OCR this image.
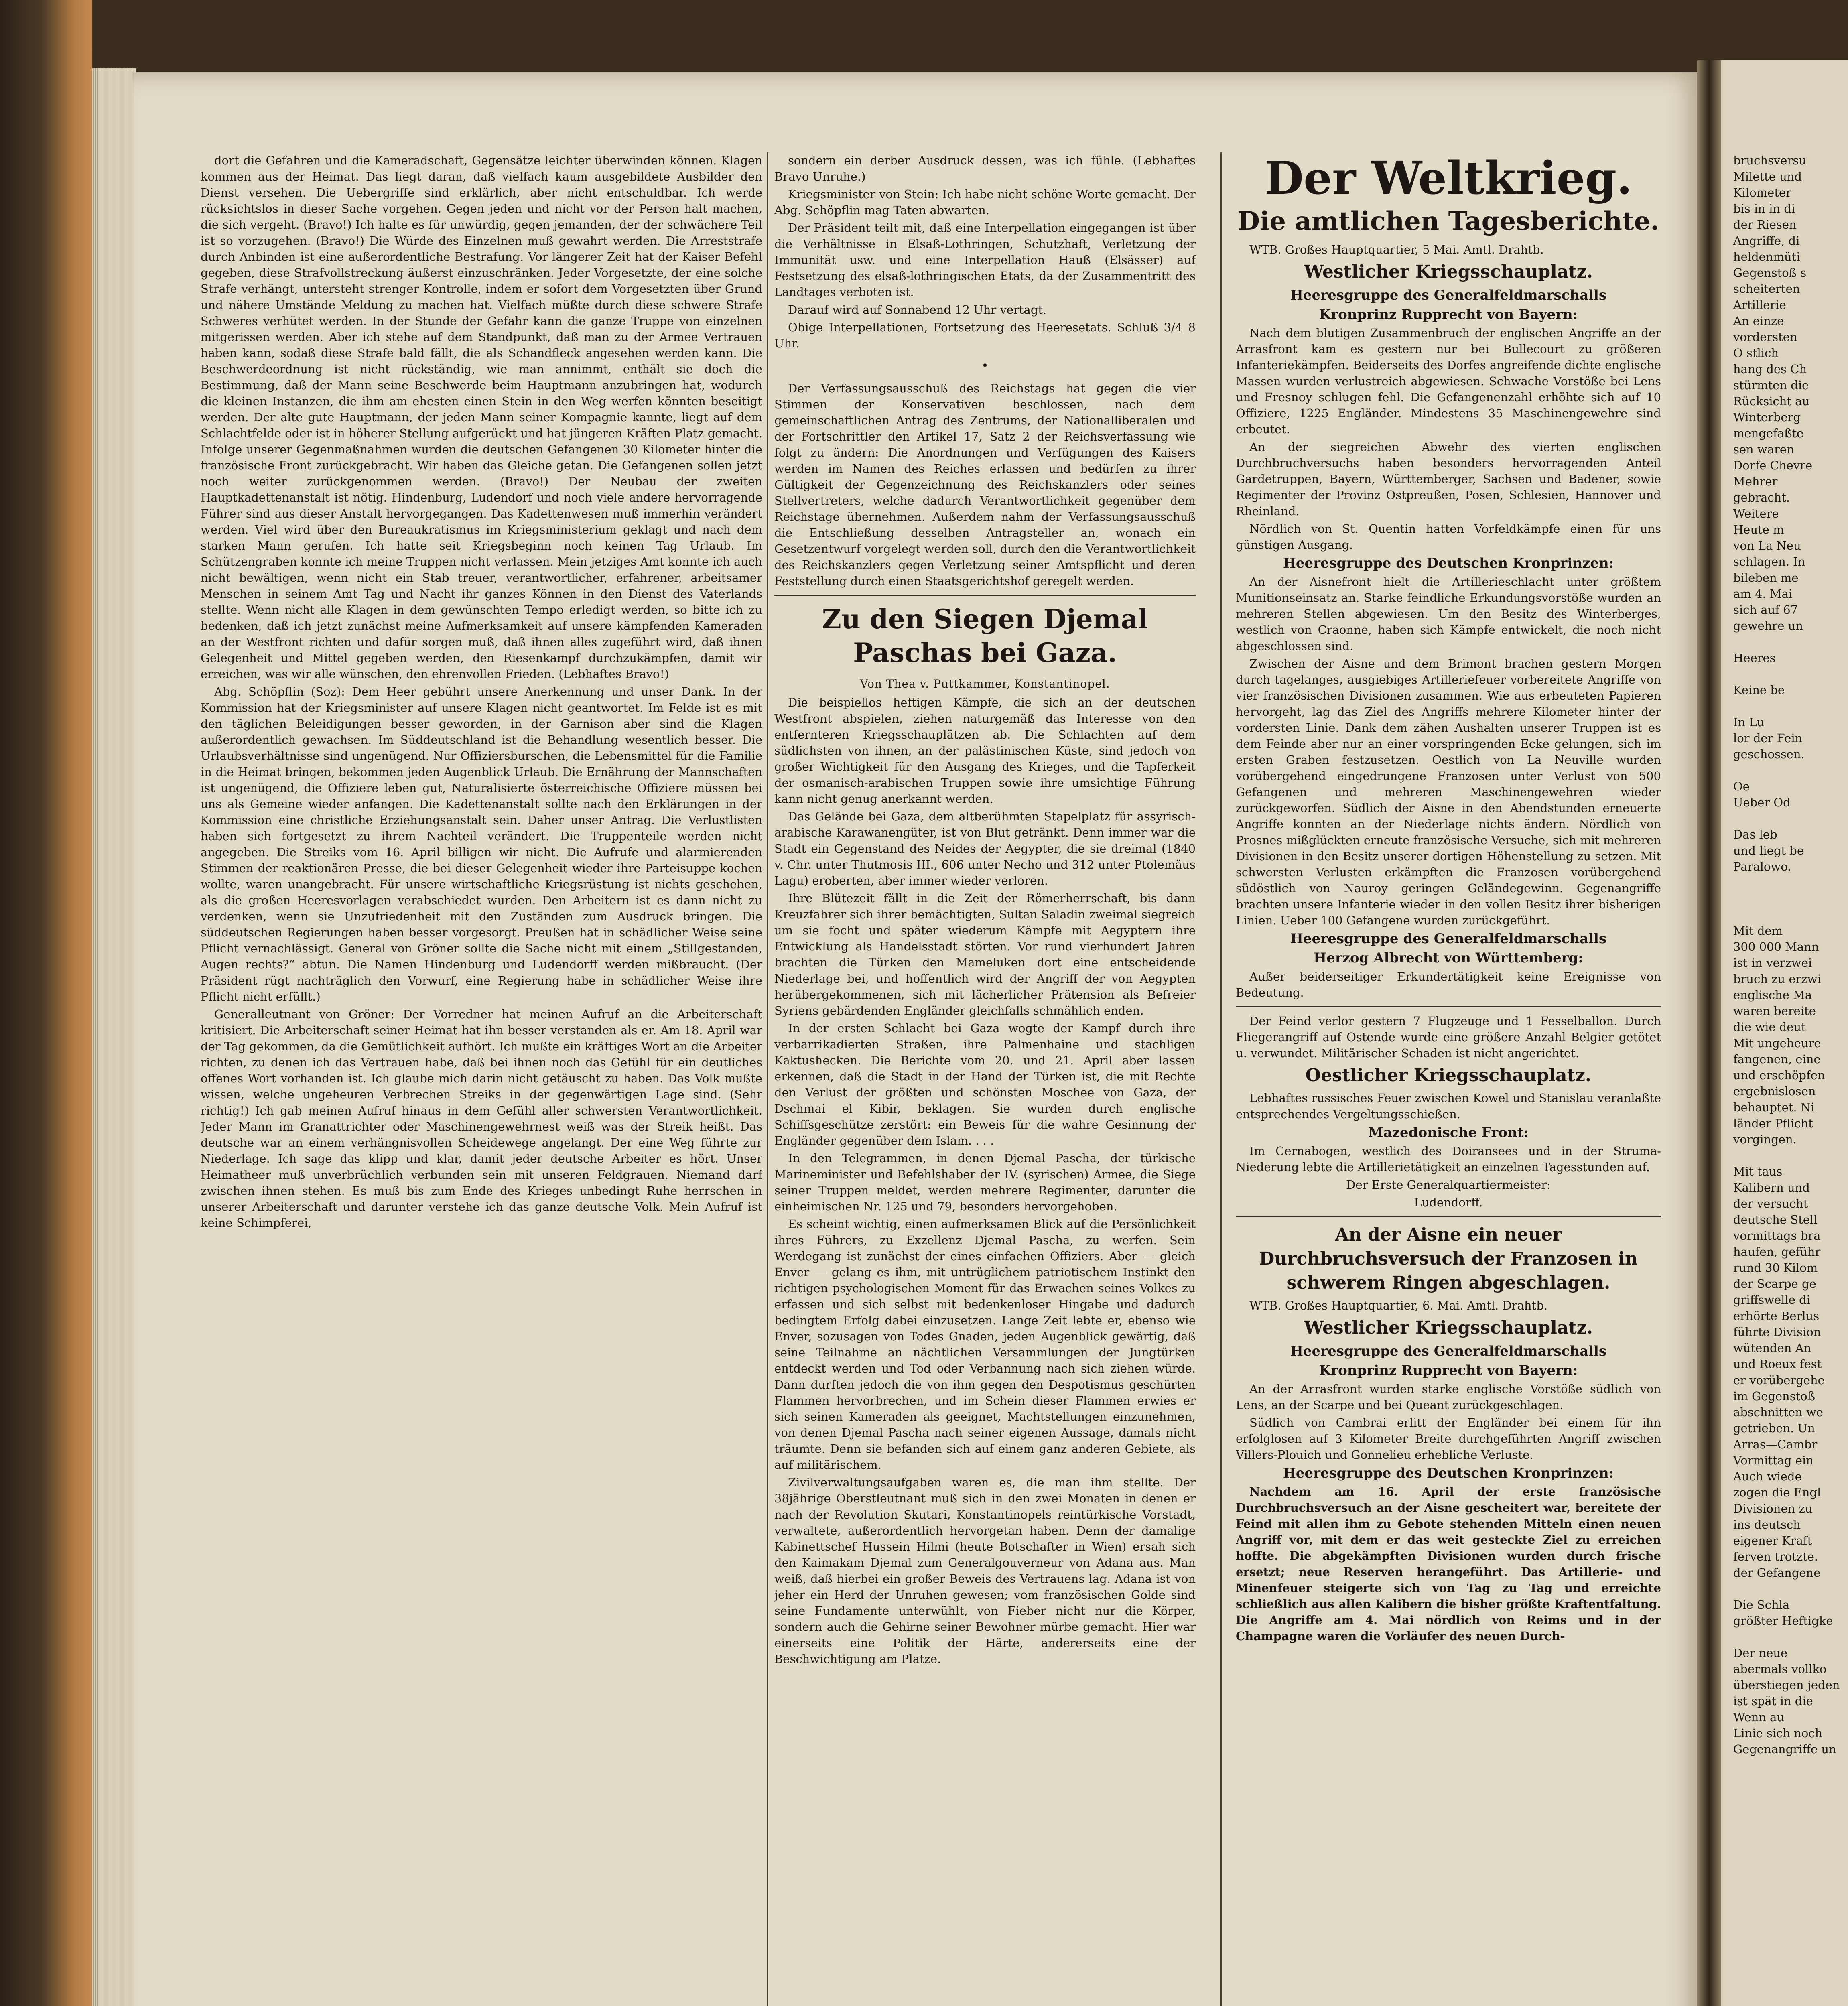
dort die Gefahren und die Kameradschaft, Gegensätze leichter überwinden können. Klagen kommen aus der Heimat. Das liegt daran, daß vielfach kaum ausgebildete Ausbilder den Dienst versehen. Die Uebergriffe sind erklärlich, aber nicht entschuldbar. Ich werde rücksichtslos in dieser Sache vorgehen. Gegen jeden und nicht vor der Person halt machen, die sich vergeht. (Bravo!) Ich halte es für unwürdig, gegen jemanden, der der schwächere Teil ist so vorzugehen. (Bravo!) Die Würde des Einzelnen muß gewahrt werden. Die Arreststrafe durch Anbinden ist eine außerordentliche Bestrafung. Vor längerer Zeit hat der Kaiser Befehl gegeben, diese Strafvollstreckung äußerst einzuschränken. Jeder Vorgesetzte, der eine solche Strafe verhängt, untersteht strenger Kontrolle, indem er sofort dem Vorgesetzten über Grund und nähere Umstände Meldung zu machen hat. Vielfach müßte durch diese schwere Strafe Schweres verhütet werden. In der Stunde der Gefahr kann die ganze Truppe von einzelnen mitgerissen werden. Aber ich stehe auf dem Standpunkt, daß man zu der Armee Vertrauen haben kann, sodaß diese Strafe bald fällt, die als Schandfleck angesehen werden kann. Die Beschwerdeordnung ist nicht rückständig, wie man annimmt, enthält sie doch die Bestimmung, daß der Mann seine Beschwerde beim Hauptmann anzubringen hat, wodurch die kleinen Instanzen, die ihm am ehesten einen Stein in den Weg werfen könnten beseitigt werden. Der alte gute Hauptmann, der jeden Mann seiner Kompagnie kannte, liegt auf dem Schlachtfelde oder ist in höherer Stellung aufgerückt und hat jüngeren Kräften Platz gemacht. Infolge unserer Gegenmaßnahmen wurden die deutschen Gefangenen 30 Kilometer hinter die französische Front zurückgebracht. Wir haben das Gleiche getan. Die Gefangenen sollen jetzt noch weiter zurückgenommen werden. (Bravo!) Der Neubau der zweiten Hauptkadettenanstalt ist nötig. Hindenburg, Ludendorf und noch viele andere hervorragende Führer sind aus dieser Anstalt hervorgegangen. Das Kadettenwesen muß immerhin verändert werden. Viel wird über den Bureaukratismus im Kriegsministerium geklagt und nach dem starken Mann gerufen. Ich hatte seit Kriegsbeginn noch keinen Tag Urlaub. Im Schützengraben konnte ich meine Truppen nicht verlassen. Mein jetziges Amt konnte ich auch nicht bewältigen, wenn nicht ein Stab treuer, verantwortlicher, erfahrener, arbeitsamer Menschen in seinem Amt Tag und Nacht ihr ganzes Können in den Dienst des Vaterlands stellte. Wenn nicht alle Klagen in dem gewünschten Tempo erledigt werden, so bitte ich zu bedenken, daß ich jetzt zunächst meine Aufmerksamkeit auf unsere kämpfenden Kameraden an der Westfront richten und dafür sorgen muß, daß ihnen alles zugeführt wird, daß ihnen Gelegenheit und Mittel gegeben werden, den Riesenkampf durchzukämpfen, damit wir erreichen, was wir alle wünschen, den ehrenvollen Frieden. (Lebhaftes Bravo!)

Abg. Schöpflin (Soz): Dem Heer gebührt unsere Anerkennung und unser Dank. In der Kommission hat der Kriegsminister auf unsere Klagen nicht geantwortet. Im Felde ist es mit den täglichen Beleidigungen besser geworden, in der Garnison aber sind die Klagen außerordentlich gewachsen. Im Süddeutschland ist die Behandlung wesentlich besser. Die Urlaubsverhältnisse sind ungenügend. Nur Offiziersburschen, die Lebensmittel für die Familie in die Heimat bringen, bekommen jeden Augenblick Urlaub. Die Ernährung der Mannschaften ist ungenügend, die Offiziere leben gut, Naturalisierte österreichische Offiziere müssen bei uns als Gemeine wieder anfangen. Die Kadettenanstalt sollte nach den Erklärungen in der Kommission eine christliche Erziehungsanstalt sein. Daher unser Antrag. Die Verlustlisten haben sich fortgesetzt zu ihrem Nachteil verändert. Die Truppenteile werden nicht angegeben. Die Streiks vom 16. April billigen wir nicht. Die Aufrufe und alarmierenden Stimmen der reaktionären Presse, die bei dieser Gelegenheit wieder ihre Parteisuppe kochen wollte, waren unangebracht. Für unsere wirtschaftliche Kriegsrüstung ist nichts geschehen, als die großen Heeresvorlagen verabschiedet wurden. Den Arbeitern ist es dann nicht zu verdenken, wenn sie Unzufriedenheit mit den Zuständen zum Ausdruck bringen. Die süddeutschen Regierungen haben besser vorgesorgt. Preußen hat in schädlicher Weise seine Pflicht vernachlässigt. General von Gröner sollte die Sache nicht mit einem „Stillgestanden, Augen rechts?“ abtun. Die Namen Hindenburg und Ludendorff werden mißbraucht. (Der Präsident rügt nachträglich den Vorwurf, eine Regierung habe in schädlicher Weise ihre Pflicht nicht erfüllt.)

Generalleutnant von Gröner: Der Vorredner hat meinen Aufruf an die Arbeiterschaft kritisiert. Die Arbeiterschaft seiner Heimat hat ihn besser verstanden als er. Am 18. April war der Tag gekommen, da die Gemütlichkeit aufhört. Ich mußte ein kräftiges Wort an die Arbeiter richten, zu denen ich das Vertrauen habe, daß bei ihnen noch das Gefühl für ein deutliches offenes Wort vorhanden ist. Ich glaube mich darin nicht getäuscht zu haben. Das Volk mußte wissen, welche ungeheuren Verbrechen Streiks in der gegenwärtigen Lage sind. (Sehr richtig!) Ich gab meinen Aufruf hinaus in dem Gefühl aller schwersten Verantwortlichkeit. Jeder Mann im Granattrichter oder Maschinengewehrnest weiß was der Streik heißt. Das deutsche war an einem verhängnisvollen Scheidewege angelangt. Der eine Weg führte zur Niederlage. Ich sage das klipp und klar, damit jeder deutsche Arbeiter es hört. Unser Heimatheer muß unverbrüchlich verbunden sein mit unseren Feldgrauen. Niemand darf zwischen ihnen stehen. Es muß bis zum Ende des Krieges unbedingt Ruhe herrschen in unserer Arbeiterschaft und darunter verstehe ich das ganze deutsche Volk. Mein Aufruf ist keine Schimpferei,

sondern ein derber Ausdruck dessen, was ich fühle. (Lebhaftes Bravo Unruhe.)

Kriegsminister von Stein: Ich habe nicht schöne Worte gemacht. Der Abg. Schöpflin mag Taten abwarten.

Der Präsident teilt mit, daß eine Interpellation eingegangen ist über die Verhältnisse in Elsaß-Lothringen, Schutzhaft, Verletzung der Immunität usw. und eine Interpellation Hauß (Elsässer) auf Festsetzung des elsaß-lothringischen Etats, da der Zusammentritt des Landtages verboten ist.

Darauf wird auf Sonnabend 12 Uhr vertagt.

Obige Interpellationen, Fortsetzung des Heeresetats. Schluß 3/4 8 Uhr.

•

Der Verfassungsausschuß des Reichstags hat gegen die vier Stimmen der Konservativen beschlossen, nach dem gemeinschaftlichen Antrag des Zentrums, der Nationalliberalen und der Fortschrittler den Artikel 17, Satz 2 der Reichsverfassung wie folgt zu ändern: Die Anordnungen und Verfügungen des Kaisers werden im Namen des Reiches erlassen und bedürfen zu ihrer Gültigkeit der Gegenzeichnung des Reichskanzlers oder seines Stellvertreters, welche dadurch Verantwortlichkeit gegenüber dem Reichstage übernehmen. Außerdem nahm der Verfassungsausschuß die Entschließung desselben Antragsteller an, wonach ein Gesetzentwurf vorgelegt werden soll, durch den die Verantwortlichkeit des Reichskanzlers gegen Verletzung seiner Amtspflicht und deren Feststellung durch einen Staatsgerichtshof geregelt werden.

Zu den Siegen Djemal Paschas bei Gaza.
Von Thea v. Puttkammer, Konstantinopel.

Die beispiellos heftigen Kämpfe, die sich an der deutschen Westfront abspielen, ziehen naturgemäß das Interesse von den entfernteren Kriegsschauplätzen ab. Die Schlachten auf dem südlichsten von ihnen, an der palästinischen Küste, sind jedoch von großer Wichtigkeit für den Ausgang des Krieges, und die Tapferkeit der osmanisch-arabischen Truppen sowie ihre umsichtige Führung kann nicht genug anerkannt werden.

Das Gelände bei Gaza, dem altberühmten Stapelplatz für assyrisch-arabische Karawanengüter, ist von Blut getränkt. Denn immer war die Stadt ein Gegenstand des Neides der Aegypter, die sie dreimal (1840 v. Chr. unter Thutmosis III., 606 unter Necho und 312 unter Ptolemäus Lagu) eroberten, aber immer wieder verloren.

Ihre Blütezeit fällt in die Zeit der Römerherrschaft, bis dann Kreuzfahrer sich ihrer bemächtigten, Sultan Saladin zweimal siegreich um sie focht und später wiederum Kämpfe mit Aegyptern ihre Entwicklung als Handelsstadt störten. Vor rund vierhundert Jahren brachten die Türken den Mameluken dort eine entscheidende Niederlage bei, und hoffentlich wird der Angriff der von Aegypten herübergekommenen, sich mit lächerlicher Prätension als Befreier Syriens gebärdenden Engländer gleichfalls schmählich enden.

In der ersten Schlacht bei Gaza wogte der Kampf durch ihre verbarrikadierten Straßen, ihre Palmenhaine und stachligen Kaktushecken. Die Berichte vom 20. und 21. April aber lassen erkennen, daß die Stadt in der Hand der Türken ist, die mit Rechte den Verlust der größten und schönsten Moschee von Gaza, der Dschmai el Kibir, beklagen. Sie wurden durch englische Schiffsgeschütze zerstört: ein Beweis für die wahre Gesinnung der Engländer gegenüber dem Islam. . . .

In den Telegrammen, in denen Djemal Pascha, der türkische Marineminister und Befehlshaber der IV. (syrischen) Armee, die Siege seiner Truppen meldet, werden mehrere Regimenter, darunter die einheimischen Nr. 125 und 79, besonders hervorgehoben.

Es scheint wichtig, einen aufmerksamen Blick auf die Persönlichkeit ihres Führers, zu Exzellenz Djemal Pascha, zu werfen. Sein Werdegang ist zunächst der eines einfachen Offiziers. Aber — gleich Enver — gelang es ihm, mit untrüglichem patriotischem Instinkt den richtigen psychologischen Moment für das Erwachen seines Volkes zu erfassen und sich selbst mit bedenkenloser Hingabe und dadurch bedingtem Erfolg dabei einzusetzen. Lange Zeit lebte er, ebenso wie Enver, sozusagen von Todes Gnaden, jeden Augenblick gewärtig, daß seine Teilnahme an nächtlichen Versammlungen der Jungtürken entdeckt werden und Tod oder Verbannung nach sich ziehen würde. Dann durften jedoch die von ihm gegen den Despotismus geschürten Flammen hervorbrechen, und im Schein dieser Flammen erwies er sich seinen Kameraden als geeignet, Machtstellungen einzunehmen, von denen Djemal Pascha nach seiner eigenen Aussage, damals nicht träumte. Denn sie befanden sich auf einem ganz anderen Gebiete, als auf militärischem.

Zivilverwaltungsaufgaben waren es, die man ihm stellte. Der 38jährige Oberstleutnant muß sich in den zwei Monaten in denen er nach der Revolution Skutari, Konstantinopels reintürkische Vorstadt, verwaltete, außerordentlich hervorgetan haben. Denn der damalige Kabinettschef Hussein Hilmi (heute Botschafter in Wien) ersah sich den Kaimakam Djemal zum Generalgouverneur von Adana aus. Man weiß, daß hierbei ein großer Beweis des Vertrauens lag. Adana ist von jeher ein Herd der Unruhen gewesen; vom französischen Golde sind seine Fundamente unterwühlt, von Fieber nicht nur die Körper, sondern auch die Gehirne seiner Bewohner mürbe gemacht. Hier war einerseits eine Politik der Härte, andererseits eine der Beschwichtigung am Platze.

Der Weltkrieg.
Die amtlichen Tagesberichte.

WTB. Großes Hauptquartier, 5 Mai. Amtl. Drahtb.

Westlicher Kriegsschauplatz.
Heeresgruppe des Generalfeldmarschalls
Kronprinz Rupprecht von Bayern:

Nach dem blutigen Zusammenbruch der englischen Angriffe an der Arrasfront kam es gestern nur bei Bullecourt zu größeren Infanteriekämpfen. Beiderseits des Dorfes angreifende dichte englische Massen wurden verlustreich abgewiesen. Schwache Vorstöße bei Lens und Fresnoy schlugen fehl. Die Gefangenenzahl erhöhte sich auf 10 Offiziere, 1225 Engländer. Mindestens 35 Maschinengewehre sind erbeutet.

An der siegreichen Abwehr des vierten englischen Durchbruchversuchs haben besonders hervorragenden Anteil Gardetruppen, Bayern, Württemberger, Sachsen und Badener, sowie Regimenter der Provinz Ostpreußen, Posen, Schlesien, Hannover und Rheinland.

Nördlich von St. Quentin hatten Vorfeldkämpfe einen für uns günstigen Ausgang.

Heeresgruppe des Deutschen Kronprinzen:

An der Aisnefront hielt die Artillerieschlacht unter größtem Munitionseinsatz an. Starke feindliche Erkundungsvorstöße wurden an mehreren Stellen abgewiesen. Um den Besitz des Winterberges, westlich von Craonne, haben sich Kämpfe entwickelt, die noch nicht abgeschlossen sind.

Zwischen der Aisne und dem Brimont brachen gestern Morgen durch tagelanges, ausgiebiges Artilleriefeuer vorbereitete Angriffe von vier französischen Divisionen zusammen. Wie aus erbeuteten Papieren hervorgeht, lag das Ziel des Angriffs mehrere Kilometer hinter der vordersten Linie. Dank dem zähen Aushalten unserer Truppen ist es dem Feinde aber nur an einer vorspringenden Ecke gelungen, sich im ersten Graben festzusetzen. Oestlich von La Neuville wurden vorübergehend eingedrungene Franzosen unter Verlust von 500 Gefangenen und mehreren Maschinengewehren wieder zurückgeworfen. Südlich der Aisne in den Abendstunden erneuerte Angriffe konnten an der Niederlage nichts ändern. Nördlich von Prosnes mißglückten erneute französische Versuche, sich mit mehreren Divisionen in den Besitz unserer dortigen Höhenstellung zu setzen. Mit schwersten Verlusten erkämpften die Franzosen vorübergehend südöstlich von Nauroy geringen Geländegewinn. Gegenangriffe brachten unsere Infanterie wieder in den vollen Besitz ihrer bisherigen Linien. Ueber 100 Gefangene wurden zurückgeführt.

Heeresgruppe des Generalfeldmarschalls
Herzog Albrecht von Württemberg:

Außer beiderseitiger Erkundertätigkeit keine Ereignisse von Bedeutung.

Der Feind verlor gestern 7 Flugzeuge und 1 Fesselballon. Durch Fliegerangriff auf Ostende wurde eine größere Anzahl Belgier getötet u. verwundet. Militärischer Schaden ist nicht angerichtet.

Oestlicher Kriegsschauplatz.

Lebhaftes russisches Feuer zwischen Kowel und Stanislau veranlaßte entsprechendes Vergeltungsschießen.

Mazedonische Front:

Im Cernabogen, westlich des Doiransees und in der Struma-Niederung lebte die Artillerietätigkeit an einzelnen Tagesstunden auf.

Der Erste Generalquartiermeister:

Ludendorff.

An der Aisne ein neuer Durchbruchsversuch der Franzosen in schwerem Ringen abgeschlagen.

WTB. Großes Hauptquartier, 6. Mai. Amtl. Drahtb.

Westlicher Kriegsschauplatz.
Heeresgruppe des Generalfeldmarschalls
Kronprinz Rupprecht von Bayern:

An der Arrasfront wurden starke englische Vorstöße südlich von Lens, an der Scarpe und bei Queant zurückgeschlagen.

Südlich von Cambrai erlitt der Engländer bei einem für ihn erfolglosen auf 3 Kilometer Breite durchgeführten Angriff zwischen Villers-Plouich und Gonnelieu erhebliche Verluste.

Heeresgruppe des Deutschen Kronprinzen:

Nachdem am 16. April der erste französische Durchbruchsversuch an der Aisne gescheitert war, bereitete der Feind mit allen ihm zu Gebote stehenden Mitteln einen neuen Angriff vor, mit dem er das weit gesteckte Ziel zu erreichen hoffte. Die abgekämpften Divisionen wurden durch frische ersetzt; neue Reserven herangeführt. Das Artillerie- und Minenfeuer steigerte sich von Tag zu Tag und erreichte schließlich aus allen Kalibern die bisher größte Kraftentfaltung. Die Angriffe am 4. Mai nördlich von Reims und in der Champagne waren die Vorläufer des neuen Durch-

bruchsversu

Milette und

Kilometer

bis in in di

der Riesen

Angriffe, di

heldenmüti

Gegenstoß s

scheiterten

Artillerie

An einze

vordersten

O stlich

hang des Ch

stürmten die

Rücksicht au

Winterberg

mengefaßte

sen waren

Dorfe Chevre

Mehrer

gebracht.

Weitere

Heute m

von La Neu

schlagen. In

bileben me

am 4. Mai

sich auf 67

gewehre un

Heeres

Keine be

In Lu

lor der Fein

geschossen.

Oe

Ueber Od

Das leb

und liegt be

Paralowo.

Mit dem

300 000 Mann

ist in verzwei

bruch zu erzwi

englische Ma

waren bereite

die wie deut

Mit ungeheure

fangenen, eine

und erschöpfen

ergebnislosen

behauptet. Ni

länder Pflicht

vorgingen.

Mit taus

Kalibern und

der versucht

deutsche Stell

vormittags bra

haufen, geführ

rund 30 Kilom

der Scarpe ge

griffswelle di

erhörte Berlus

führte Division

wütenden An

und Roeux fest

er vorübergehe

im Gegenstoß

abschnitten we

getrieben. Un

Arras—Cambr

Vormittag ein

Auch wiede

zogen die Engl

Divisionen zu

ins deutsch

eigener Kraft

ferven trotzte.

der Gefangene

Die Schla

größter Heftigke

Der neue

abermals vollko

überstiegen jeden

ist spät in die

Wenn au

Linie sich noch

Gegenangriffe un
